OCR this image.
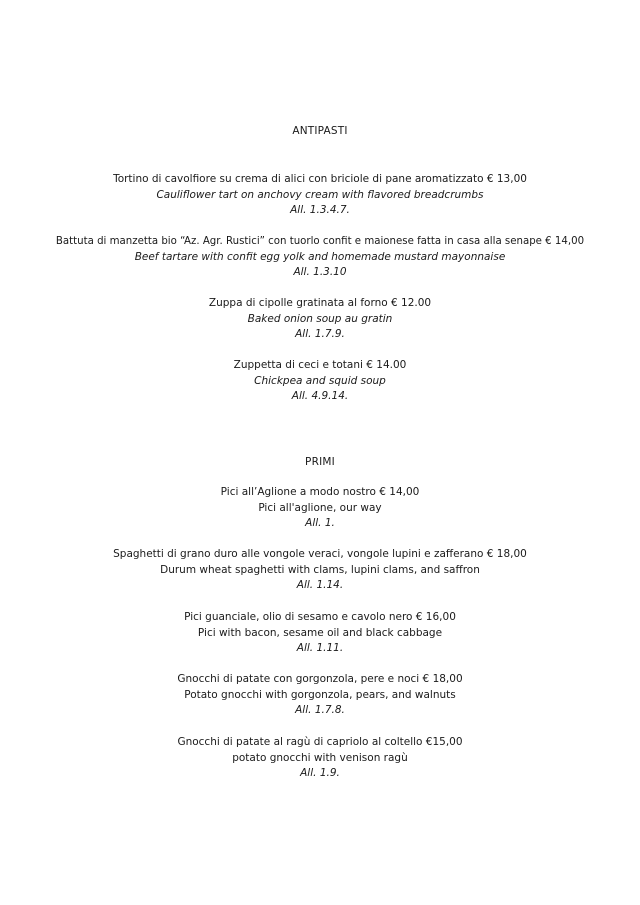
ANTIPASTI

Tortino di cavolfiore su crema di alici con briciole di pane aromatizzato € 13,00

Cauliflower tart on anchovy cream with flavored breadcrumbs

All. 1.3.4.7.

Battuta di manzetta bio “Az. Agr. Rustici” con tuorlo confit e maionese fatta in casa alla senape € 14,00

Beef tartare with confit egg yolk and homemade mustard mayonnaise

All. 1.3.10

Zuppa di cipolle gratinata al forno € 12.00

Baked onion soup au gratin

All. 1.7.9.

Zuppetta di ceci e totani € 14.00

Chickpea and squid soup

All. 4.9.14.

PRIMI

Pici all’Aglione a modo nostro € 14,00

Pici all'aglione, our way

All. 1.

Spaghetti di grano duro alle vongole veraci, vongole lupini e zafferano € 18,00

Durum wheat spaghetti with clams, lupini clams, and saffron

All. 1.14.

Pici guanciale, olio di sesamo e cavolo nero € 16,00

Pici with bacon, sesame oil and black cabbage

All. 1.11.

Gnocchi di patate con gorgonzola, pere e noci € 18,00

Potato gnocchi with gorgonzola, pears, and walnuts

All. 1.7.8.

Gnocchi di patate al ragù di capriolo al coltello €15,00

potato gnocchi with venison ragù

All. 1.9.
